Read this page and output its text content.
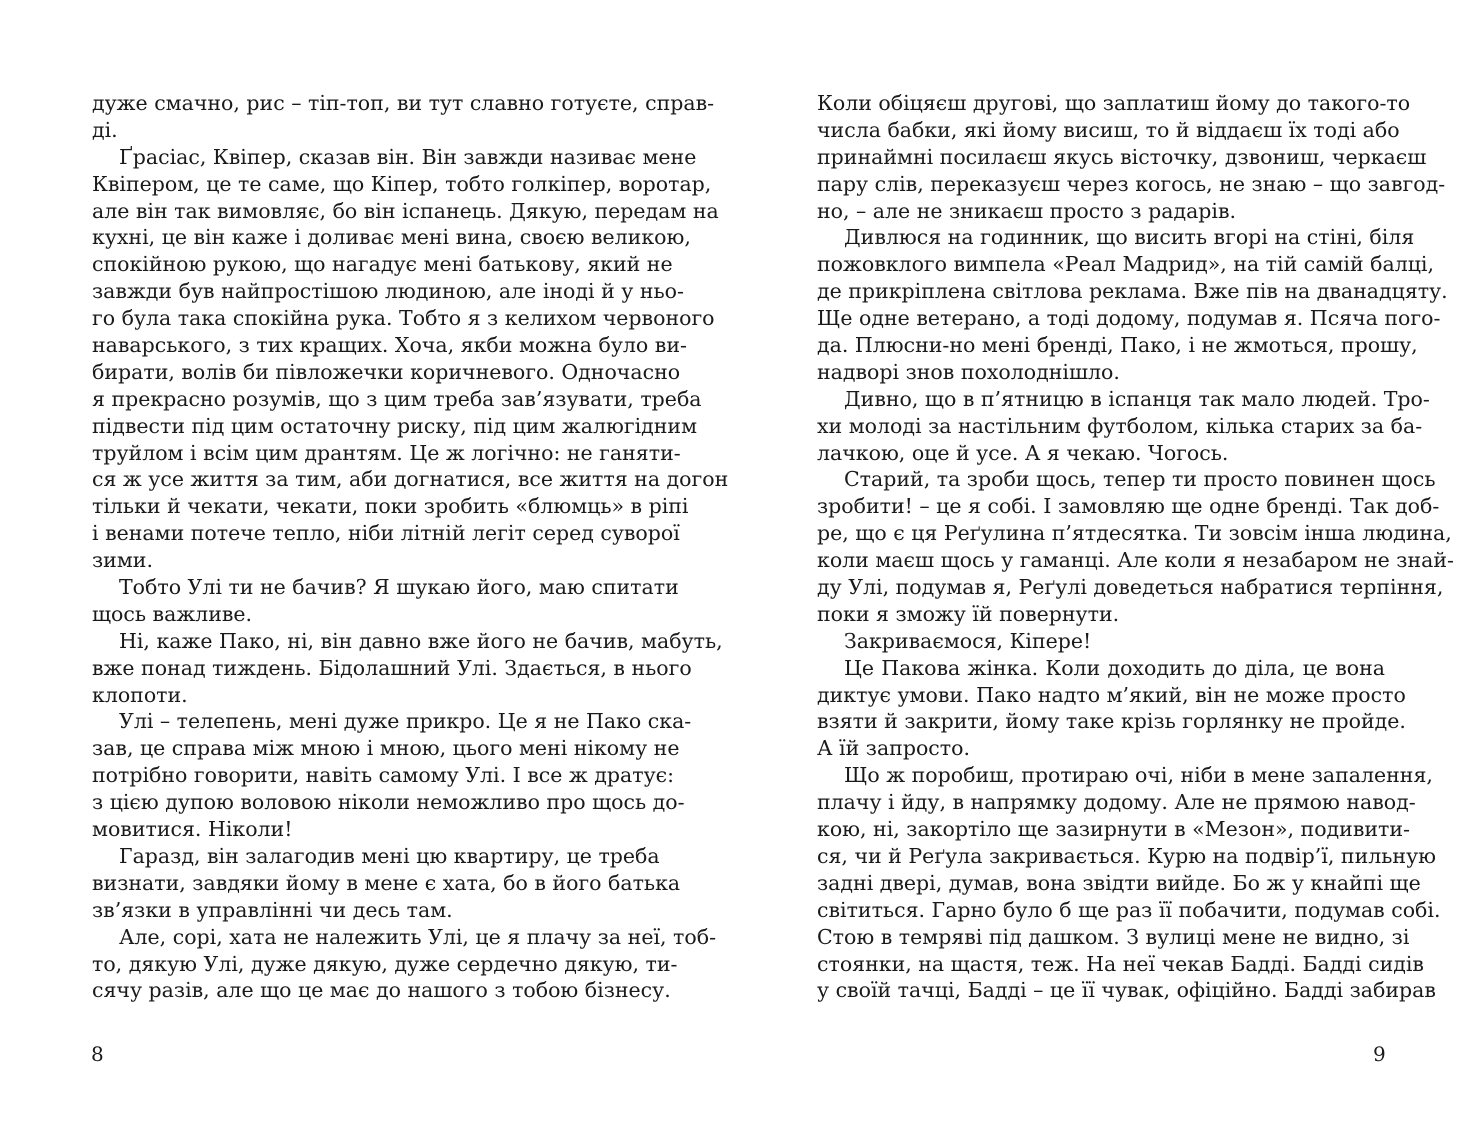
дуже смачно, рис – тіп-топ, ви тут славно готуєте, справ-
ді.
Ґрасіас, Квіпер, сказав він. Він завжди називає мене
Квіпером, це те саме, що Кіпер, тобто голкіпер, воротар,
але він так вимовляє, бо він іспанець. Дякую, передам на
кухні, це він каже і доливає мені вина, своєю великою,
спокійною рукою, що нагадує мені батькову, який не
завжди був найпростішою людиною, але іноді й у ньо-
го була така спокійна рука. Тобто я з келихом червоного
наварського, з тих кращих. Хоча, якби можна було ви-
бирати, волів би півложечки коричневого. Одночасно
я прекрасно розумів, що з цим треба зав’язувати, треба
підвести під цим остаточну риску, під цим жалюгідним
труйлом і всім цим дрантям. Це ж логічно: не ганяти-
ся ж усе життя за тим, аби догнатися, все життя на догон
тільки й чекати, чекати, поки зробить «блюмць» в ріпі
і венами потече тепло, ніби літній легіт серед суворої
зими.
Тобто Улі ти не бачив? Я шукаю його, маю спитати
щось важливе.
Ні, каже Пако, ні, він давно вже його не бачив, мабуть,
вже понад тиждень. Бідолашний Улі. Здається, в нього
клопоти.
Улі – телепень, мені дуже прикро. Це я не Пако ска-
зав, це справа між мною і мною, цього мені нікому не
потрібно говорити, навіть самому Улі. І все ж дратує:
з цією дупою воловою ніколи неможливо про щось до-
мовитися. Ніколи!
Гаразд, він залагодив мені цю квартиру, це треба
визнати, завдяки йому в мене є хата, бо в його батька
зв’язки в управлінні чи десь там.
Але, сорі, хата не належить Улі, це я плачу за неї, тоб-
то, дякую Улі, дуже дякую, дуже сердечно дякую, ти-
сячу разів, але що це має до нашого з тобою бізнесу.
8
Коли обіцяєш другові, що заплатиш йому до такого-то
числа бабки, які йому висиш, то й віддаєш їх тоді або
принаймні посилаєш якусь вісточку, дзвониш, черкаєш
пару слів, переказуєш через когось, не знаю – що завгод-
но, – але не зникаєш просто з радарів.
Дивлюся на годинник, що висить вгорі на стіні, біля
пожовклого вимпела «Реал Мадрид», на тій самій балці,
де прикріплена світлова реклама. Вже пів на дванадцяту.
Ще одне ветерано, а тоді додому, подумав я. Псяча пого-
да. Плюсни-но мені бренді, Пако, і не жмоться, прошу,
надворі знов похолоднішло.
Дивно, що в п’ятницю в іспанця так мало людей. Тро-
хи молоді за настільним футболом, кілька старих за ба-
лачкою, оце й усе. А я чекаю. Чогось.
Старий, та зроби щось, тепер ти просто повинен щось
зробити! – це я собі. І замовляю ще одне бренді. Так доб-
ре, що є ця Реґулина п’ятдесятка. Ти зовсім інша людина,
коли маєш щось у гаманці. Але коли я незабаром не знай-
ду Улі, подумав я, Реґулі доведеться набратися терпіння,
поки я зможу їй повернути.
Закриваємося, Кіпере!
Це Пакова жінка. Коли доходить до діла, це вона
диктує умови. Пако надто м’який, він не може просто
взяти й закрити, йому таке крізь горлянку не пройде.
А їй запросто.
Що ж поробиш, протираю очі, ніби в мене запалення,
плачу і йду, в напрямку додому. Але не прямою навод-
кою, ні, закортіло ще зазирнути в «Мезон», подивити-
ся, чи й Реґула закривається. Курю на подвір’ї, пильную
задні двері, думав, вона звідти вийде. Бо ж у кнайпі ще
світиться. Гарно було б ще раз її побачити, подумав собі.
Стою в темряві під дашком. З вулиці мене не видно, зі
стоянки, на щастя, теж. На неї чекав Бадді. Бадді сидів
у своїй тачці, Бадді – це її чувак, офіційно. Бадді забирав
9
